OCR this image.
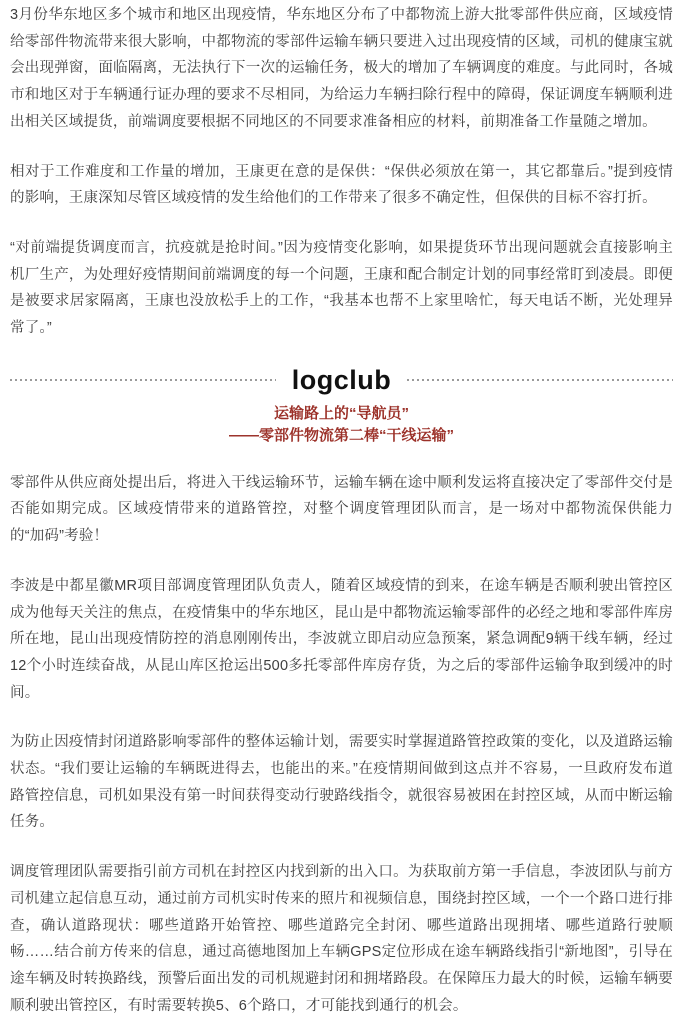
3月份华东地区多个城市和地区出现疫情，华东地区分布了中都物流上游大批零部件供应商，区域疫情给零部件物流带来很大影响，中都物流的零部件运输车辆只要进入过出现疫情的区域，司机的健康宝就会出现弹窗，面临隔离，无法执行下一次的运输任务，极大的增加了车辆调度的难度。与此同时，各城市和地区对于车辆通行证办理的要求不尽相同，为给运力车辆扫除行程中的障碍，保证调度车辆顺利进出相关区域提货，前端调度要根据不同地区的不同要求准备相应的材料，前期准备工作量随之增加。

相对于工作难度和工作量的增加，王康更在意的是保供：“保供必须放在第一，其它都靠后。”提到疫情的影响，王康深知尽管区域疫情的发生给他们的工作带来了很多不确定性，但保供的目标不容打折。

“对前端提货调度而言，抗疫就是抢时间。”因为疫情变化影响，如果提货环节出现问题就会直接影响主机厂生产，为处理好疫情期间前端调度的每一个问题，王康和配合制定计划的同事经常盯到凌晨。即便是被要求居家隔离，王康也没放松手上的工作，“我基本也帮不上家里啥忙，每天电话不断，光处理异常了。”

logclub

运输路上的“导航员”

——零部件物流第二棒“干线运输”

零部件从供应商处提出后，将进入干线运输环节，运输车辆在途中顺利发运将直接决定了零部件交付是否能如期完成。区域疫情带来的道路管控，对整个调度管理团队而言，是一场对中都物流保供能力的“加码”考验！

李波是中都星徽MR项目部调度管理团队负责人，随着区域疫情的到来，在途车辆是否顺利驶出管控区成为他每天关注的焦点，在疫情集中的华东地区，昆山是中都物流运输零部件的必经之地和零部件库房所在地，昆山出现疫情防控的消息刚刚传出，李波就立即启动应急预案，紧急调配9辆干线车辆，经过12个小时连续奋战，从昆山库区抢运出500多托零部件库房存货，为之后的零部件运输争取到缓冲的时间。

为防止因疫情封闭道路影响零部件的整体运输计划，需要实时掌握道路管控政策的变化，以及道路运输状态。“我们要让运输的车辆既进得去，也能出的来。”在疫情期间做到这点并不容易，一旦政府发布道路管控信息，司机如果没有第一时间获得变动行驶路线指令，就很容易被困在封控区域，从而中断运输任务。

调度管理团队需要指引前方司机在封控区内找到新的出入口。为获取前方第一手信息，李波团队与前方司机建立起信息互动，通过前方司机实时传来的照片和视频信息，围绕封控区域，一个一个路口进行排查，确认道路现状：哪些道路开始管控、哪些道路完全封闭、哪些道路出现拥堵、哪些道路行驶顺畅……结合前方传来的信息，通过高德地图加上车辆GPS定位形成在途车辆路线指引“新地图”，引导在途车辆及时转换路线，预警后面出发的司机规避封闭和拥堵路段。在保障压力最大的时候，运输车辆要顺利驶出管控区，有时需要转换5、6个路口，才可能找到通行的机会。
